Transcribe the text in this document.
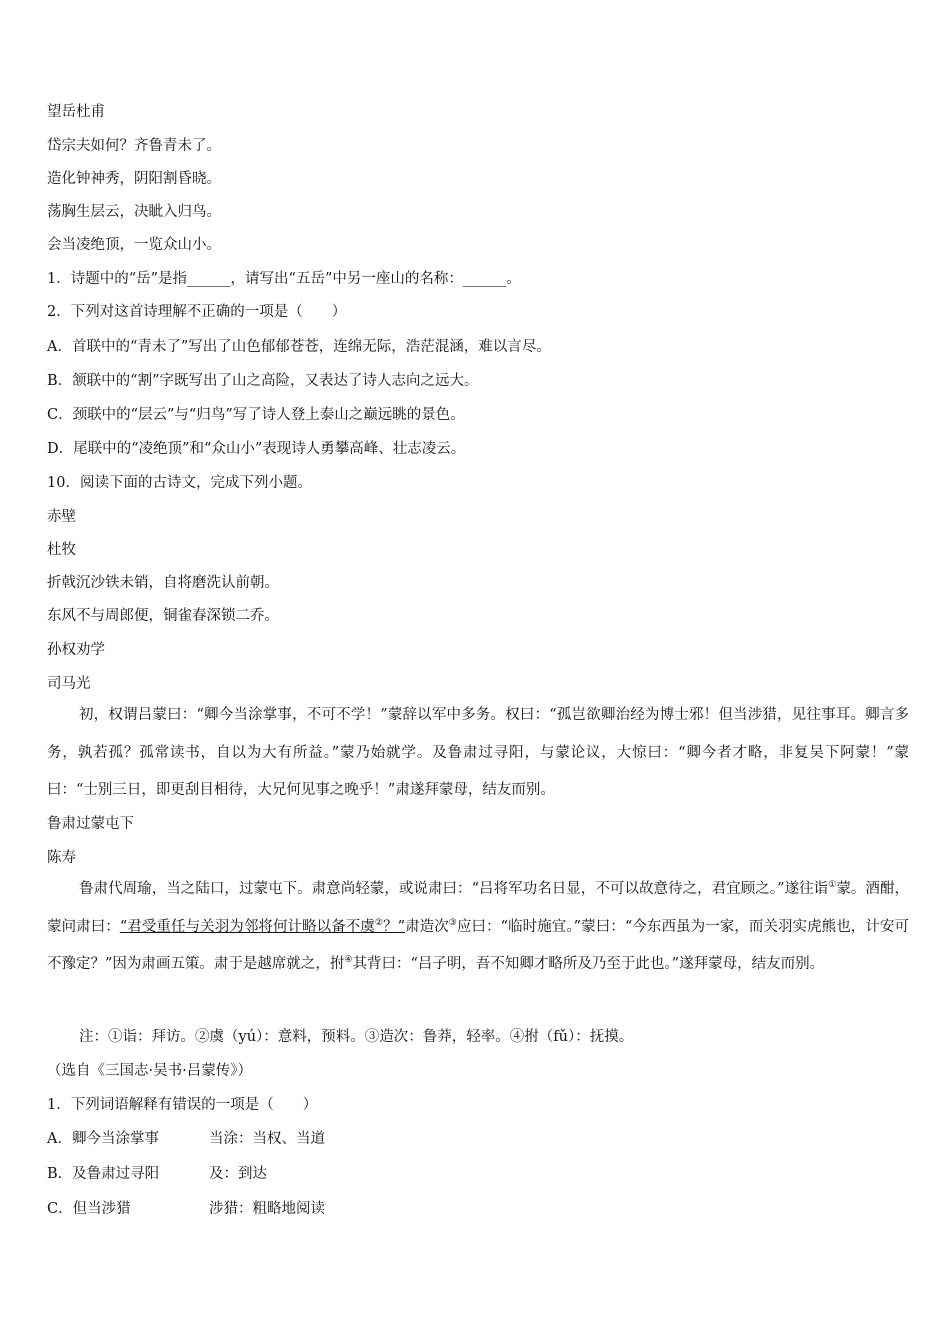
望岳杜甫
岱宗夫如何？齐鲁青未了。
造化钟神秀，阴阳割昏晓。
荡胸生层云，决眦入归鸟。
会当凌绝顶，一览众山小。
1．诗题中的“岳”是指______，请写出“五岳”中另一座山的名称：______。
2．下列对这首诗理解不正确的一项是（　　）
A．首联中的“青未了”写出了山色郁郁苍苍，连绵无际，浩茫混涵，难以言尽。
B．颔联中的“割”字既写出了山之高险，又表达了诗人志向之远大。
C．颈联中的“层云”与“归鸟”写了诗人登上泰山之巅远眺的景色。
D．尾联中的“凌绝顶”和“众山小”表现诗人勇攀高峰、壮志凌云。
10．阅读下面的古诗文，完成下列小题。
赤壁
杜牧
折戟沉沙铁未销，自将磨洗认前朝。
东风不与周郎便，铜雀春深锁二乔。
孙权劝学
司马光
初，权谓吕蒙曰：“卿今当涂掌事，不可不学！”蒙辞以军中多务。权曰：“孤岂欲卿治经为博士邪！但当涉猎，见往事耳。卿言多务，孰若孤？孤常读书，自以为大有所益。”蒙乃始就学。及鲁肃过寻阳，与蒙论议，大惊曰：“卿今者才略，非复吴下阿蒙！”蒙曰：“士别三日，即更刮目相待，大兄何见事之晚乎！”肃遂拜蒙母，结友而别。
鲁肃过蒙屯下
陈寿
鲁肃代周瑜，当之陆口，过蒙屯下。肃意尚轻蒙，或说肃曰：“吕将军功名日显，不可以故意待之，君宜顾之。”遂往诣①蒙。酒酣，蒙问肃曰：“君受重任与关羽为邻将何计略以备不虞②？”肃造次③应曰：“临时施宜。”蒙曰：“今东西虽为一家，而关羽实虎熊也，计安可不豫定？”因为肃画五策。肃于是越席就之，拊④其背曰：“吕子明，吾不知卿才略所及乃至于此也。”遂拜蒙母，结友而别。
注：①诣：拜访。②虞（yú）：意料，预料。③造次：鲁莽，轻率。④拊（fǔ）：抚摸。
（选自《三国志·吴书·吕蒙传》）
1．下列词语解释有错误的一项是（　　）
A．卿今当涂掌事	当涂：当权、当道
B．及鲁肃过寻阳	及：到达
C．但当涉猎	涉猎：粗略地阅读
